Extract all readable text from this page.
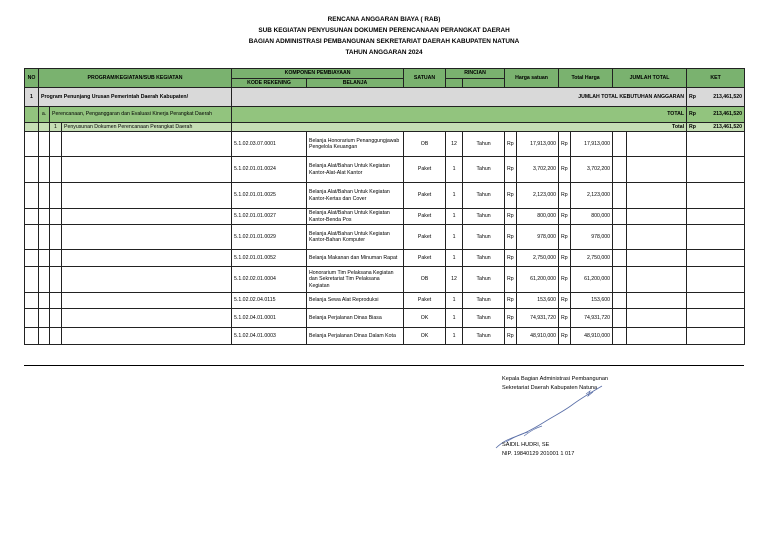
RENCANA ANGGARAN BIAYA ( RAB)
SUB KEGIATAN PENYUSUNAN DOKUMEN PERENCANAAN PERANGKAT DAERAH
BAGIAN ADMINISTRASI PEMBANGUNAN SEKRETARIAT DAERAH KABUPATEN NATUNA
TAHUN ANGGARAN 2024
NO	PROGRAM/KEGIATAN/SUB KEGIATAN			KOMPONEN PEMBIAYAAN		SATUAN	RINCIAN		Harga satuan		Total Harga		JUMLAH TOTAL		KET	
				KODE REKENING	BELANJA											
1	Program Penunjang Urusan Pemerintah Daerah Kabupaten/			JUMLAH TOTAL KEBUTUHAN ANGGARAN											Rp 213,461,520	

	a.	Perencanaan, Penganggaran dan Evaluasi Kinerja Perangkat Daerah		TOTAL											Rp 213,461,520	

		1	Penyusunan Dokumen Perencanaan Perangkat Daerah	Total											Rp 213,461,520	

				5.1.02.03.07.0001	Belanja Honorarium Penanggungjawab Pengelola Keuangan	OB	12	Tahun	Rp	17,913,000	Rp	17,913,000				
				5.1.02.01.01.0024	Belanja Alat/Bahan Untuk Kegiatan Kantor-Alat-Alat Kantor	Paket	1	Tahun	Rp	3,702,200	Rp	3,702,200				
				5.1.02.01.01.0025	Belanja Alat/Bahan Untuk Kegiatan Kantor-Kertas dan Cover	Paket	1	Tahun	Rp	2,123,000	Rp	2,123,000				
				5.1.02.01.01.0027	Belanja Alat/Bahan Untuk Kegiatan Kantor-Benda Pos	Paket	1	Tahun	Rp	800,000	Rp	800,000				
				5.1.02.01.01.0029	Belanja Alat/Bahan Untuk Kegiatan Kantor-Bahan Komputer	Paket	1	Tahun	Rp	978,000	Rp	978,000				
				5.1.02.01.01.0052	Belanja Makanan dan Minuman Rapat	Paket	1	Tahun	Rp	2,750,000	Rp	2,750,000				
				5.1.02.02.01.0004	Honorarium Tim Pelaksana Kegiatan dan Sekretariat Tim Pelaksana Kegiatan	OB	12	Tahun	Rp	61,200,000	Rp	61,200,000				
				5.1.02.02.04.0115	Belanja Sewa Alat Reproduksi	Paket	1	Tahun	Rp	153,600	Rp	153,600				
				5.1.02.04.01.0001	Belanja Perjalanan Dinas Biasa	OK	1	Tahun	Rp	74,931,720	Rp	74,931,720				
				5.1.02.04.01.0003	Belanja Perjalanan Dinas Dalam Kota	OK	1	Tahun	Rp	48,910,000	Rp	48,910,000				
Kepala Bagian Administrasi Pembangunan
Sekretariat Daerah Kabupaten Natuna
SAIDIL HUDRI, SE
NIP. 19840129 201001 1 017
